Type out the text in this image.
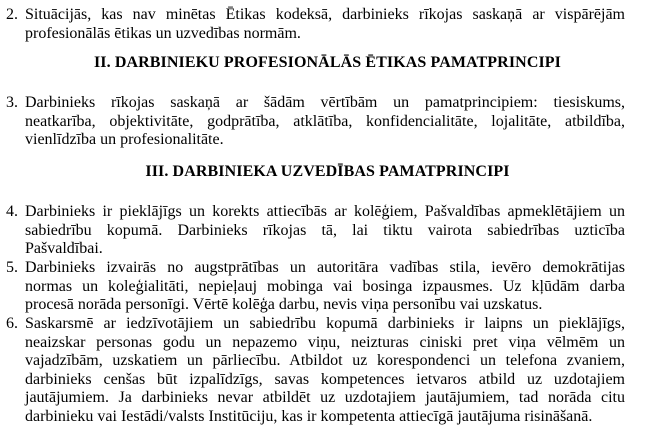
2. Situācijās, kas nav minētas Ētikas kodeksā, darbinieks rīkojas saskaņā ar vispārējām
profesionālās ētikas un uzvedības normām.
II. DARBINIEKU PROFESIONĀLĀS ĒTIKAS PAMATPRINCIPI
3. Darbinieks rīkojas saskaņā ar šādām vērtībām un pamatprincipiem: tiesiskums,
neatkarība, objektivitāte, godprātība, atklātība, konfidencialitāte, lojalitāte, atbildība,
vienlīdzība un profesionalitāte.
III. DARBINIEKA UZVEDĪBAS PAMATPRINCIPI
4. Darbinieks ir pieklājīgs un korekts attiecībās ar kolēģiem, Pašvaldības apmeklētājiem un
sabiedrību kopumā. Darbinieks rīkojas tā, lai tiktu vairota sabiedrības uzticība
Pašvaldībai.
5. Darbinieks izvairās no augstprātības un autoritāra vadības stila, ievēro demokrātijas
normas un koleģialitāti, nepieļauj mobinga vai bosinga izpausmes. Uz kļūdām darba
procesā norāda personīgi. Vērtē kolēģa darbu, nevis viņa personību vai uzskatus.
6. Saskarsmē ar iedzīvotājiem un sabiedrību kopumā darbinieks ir laipns un pieklājīgs,
neaizskar personas godu un nepazemo viņu, neizturas ciniski pret viņa vēlmēm un
vajadzībām, uzskatiem un pārliecību. Atbildot uz korespondenci un telefona zvaniem,
darbinieks cenšas būt izpalīdzīgs, savas kompetences ietvaros atbild uz uzdotajiem
jautājumiem. Ja darbinieks nevar atbildēt uz uzdotajiem jautājumiem, tad norāda citu
darbinieku vai Iestādi/valsts Institūciju, kas ir kompetenta attiecīgā jautājuma risināšanā.
